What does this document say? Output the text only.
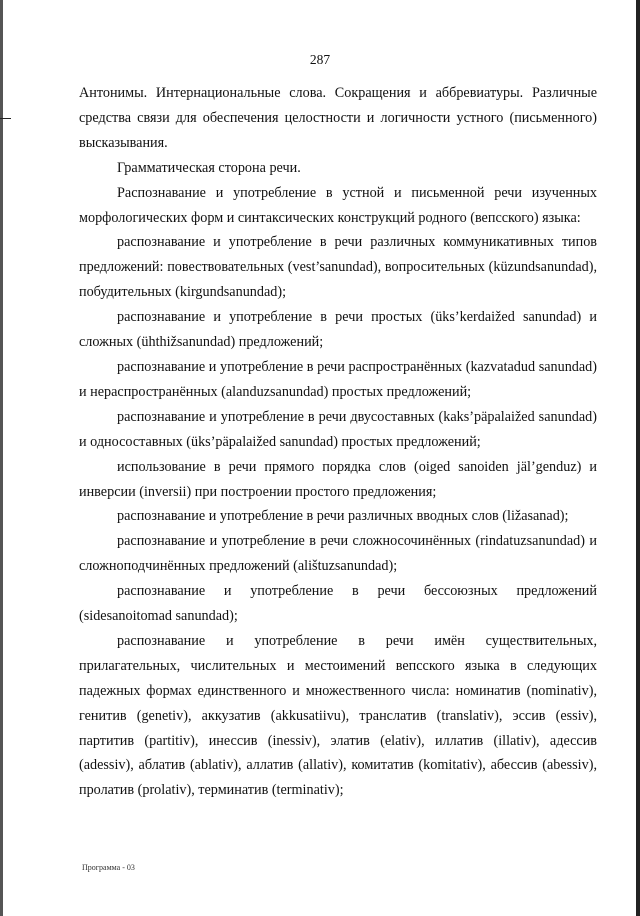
287

Антонимы. Интернациональные слова. Сокращения и аббревиатуры. Различные средства связи для обеспечения целостности и логичности устного (письменного) высказывания.

Грамматическая сторона речи.

Распознавание и употребление в устной и письменной речи изученных морфологических форм и синтаксических конструкций родного (вепсского) языка:

распознавание и употребление в речи различных коммуникативных типов предложений: повествовательных (vest’sanundad), вопросительных (küzundsanundad), побудительных (kirgundsanundad);

распознавание и употребление в речи простых (üks’kerdaižed sanundad) и сложных (ühthižsanundad) предложений;

распознавание и употребление в речи распространённых (kazvatadud sanundad) и нераспространённых (alanduzsanundad) простых предложений;

распознавание и употребление в речи двусоставных (kaks’päpalaižed sanundad) и односоставных (üks’päpalaižed sanundad) простых предложений;

использование в речи прямого порядка слов (oiged sanoiden jäl’genduz) и инверсии (inversii) при построении простого предложения;

распознавание и употребление в речи различных вводных слов (ližasanad);

распознавание и употребление в речи сложносочинённых (rindatuzsanundad) и сложноподчинённых предложений (alištuzsanundad);

распознавание и употребление в речи бессоюзных предложений (sidesanoitomad sanundad);

распознавание и употребление в речи имён существительных, прилагательных, числительных и местоимений вепсского языка в следующих падежных формах единственного и множественного числа: номинатив (nominativ), генитив (genetiv), аккузатив (akkusatiivu), транслатив (translativ), эссив (essiv), партитив (partitiv), инессив (inessiv), элатив (elativ), иллатив (illativ), адессив (adessiv), аблатив (ablativ), аллатив (allativ), комитатив (komitativ), абессив (abessiv), пролатив (prolativ), терминатив (terminativ);

Программа - 03
